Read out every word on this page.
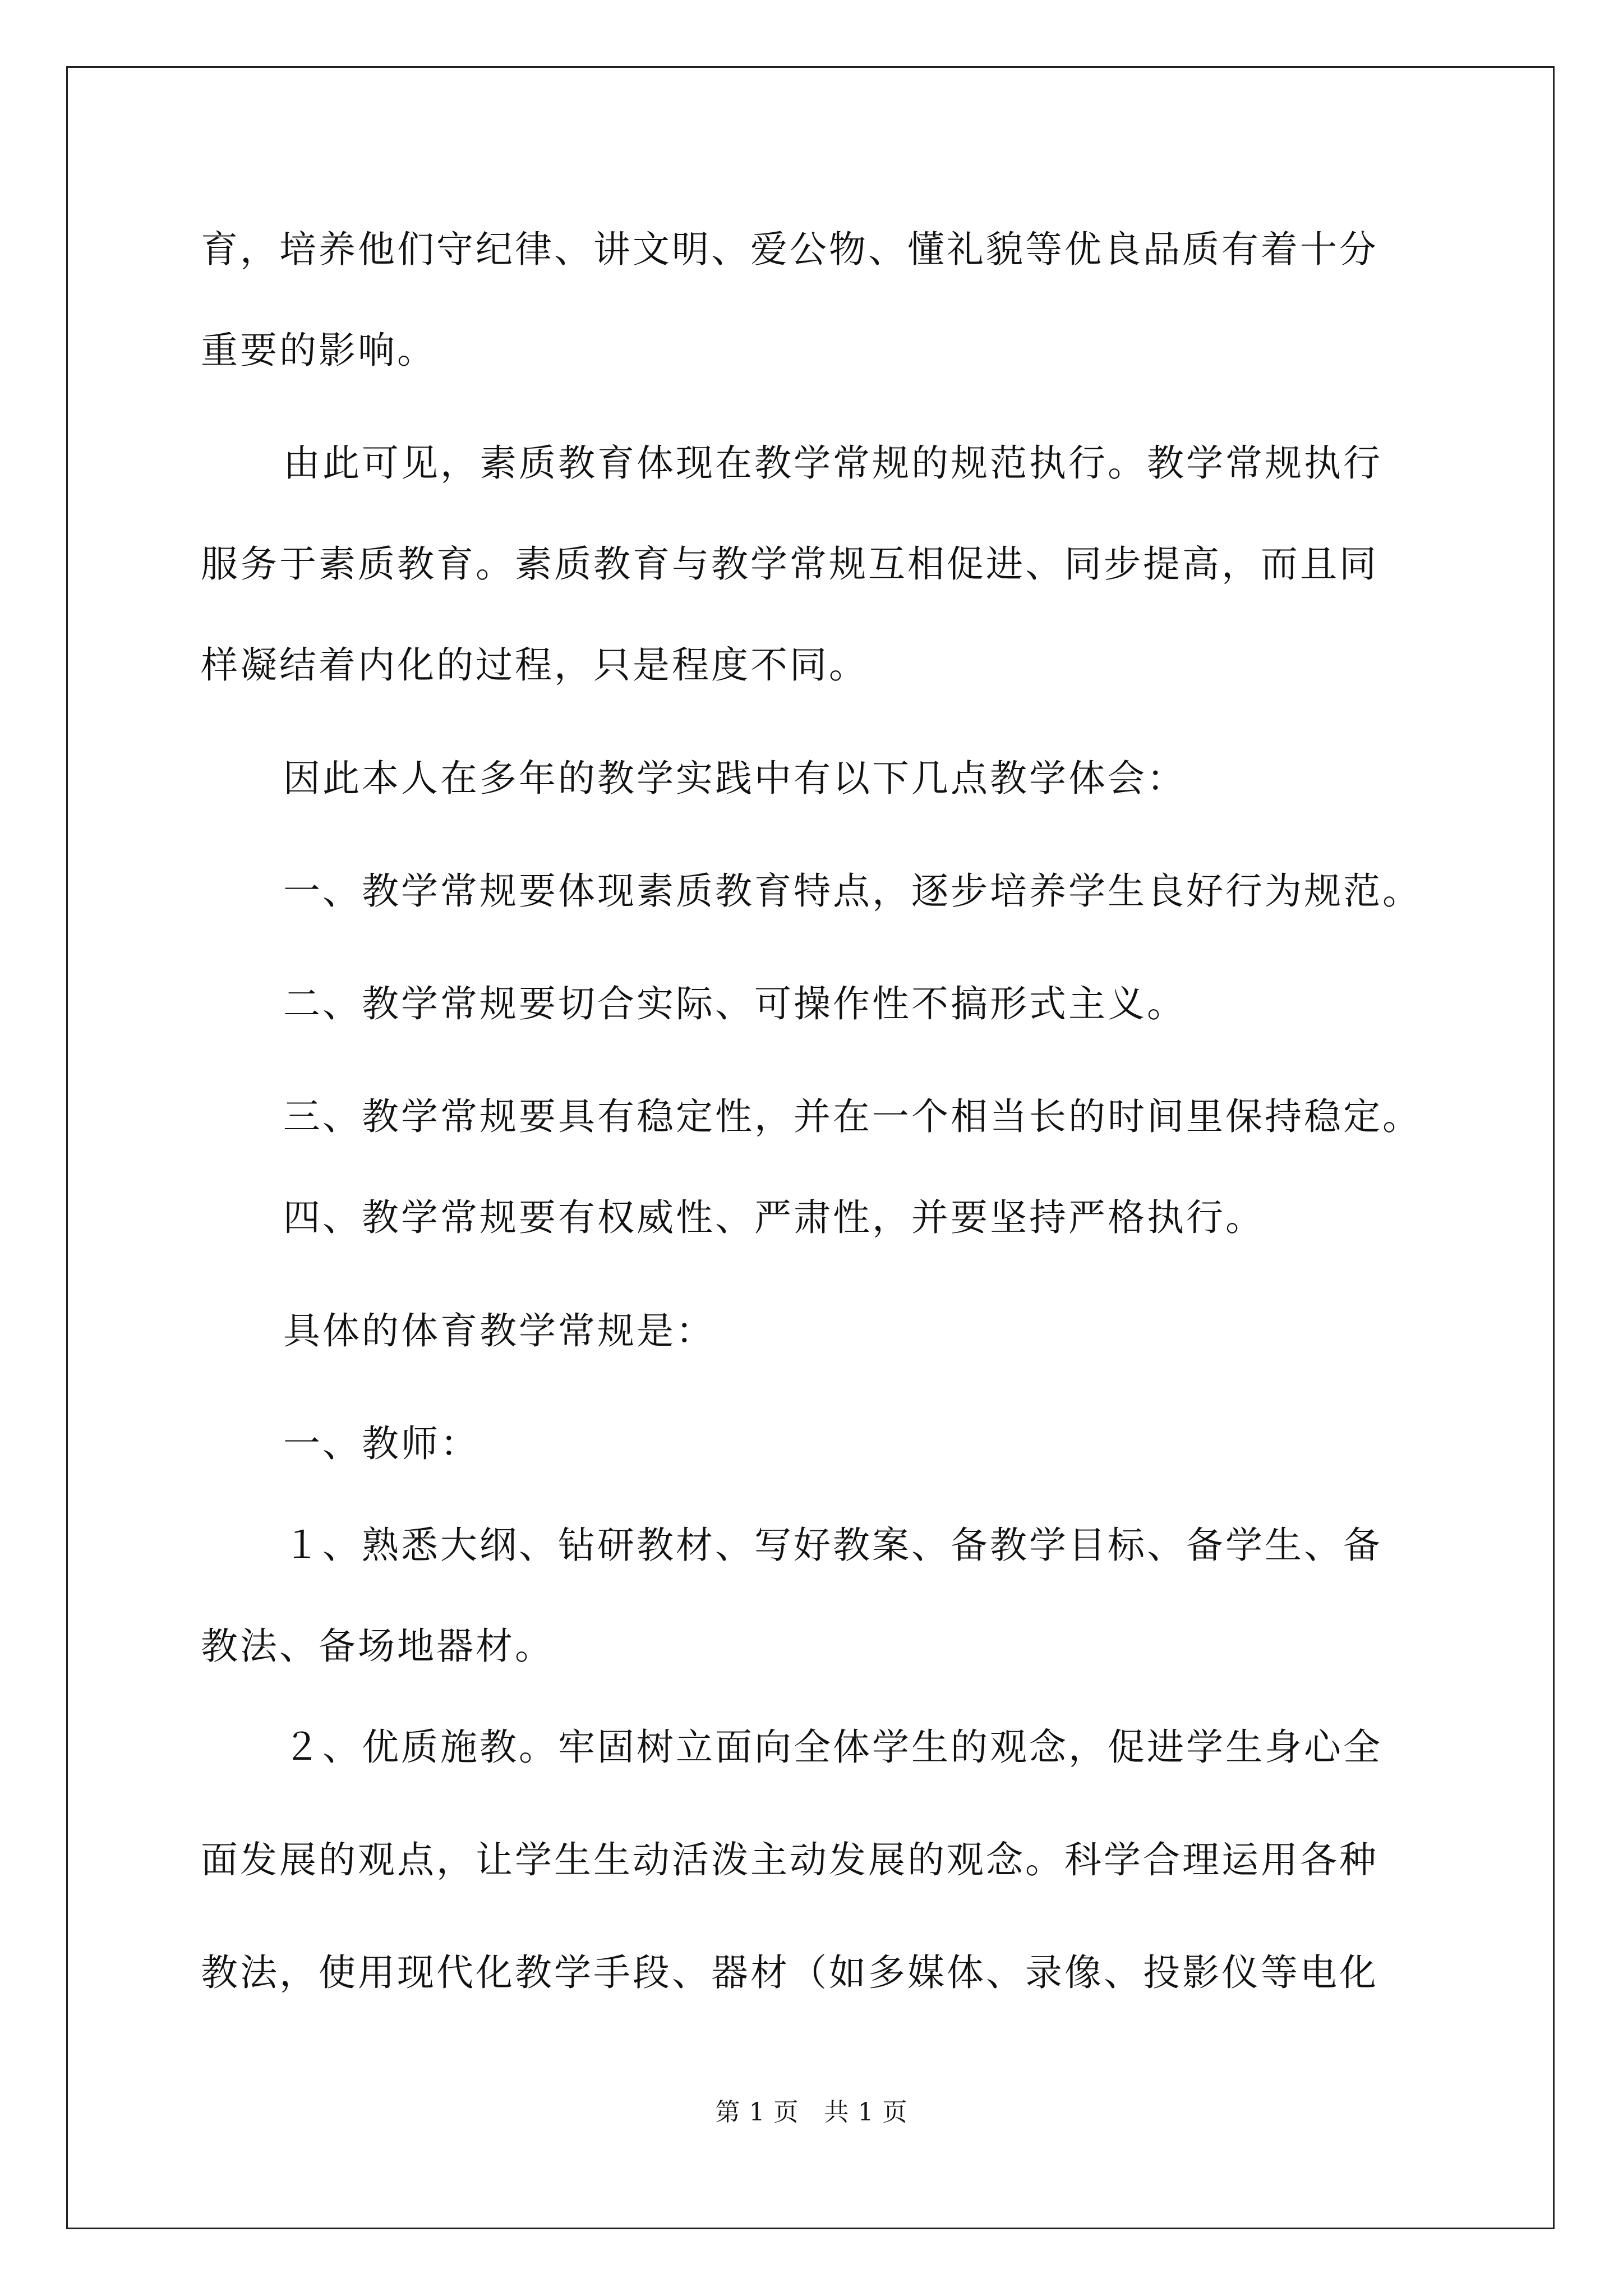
育，培养他们守纪律、讲文明、爱公物、懂礼貌等优良品质有着十分
重要的影响。
由此可见，素质教育体现在教学常规的规范执行。教学常规执行
服务于素质教育。素质教育与教学常规互相促进、同步提高，而且同
样凝结着内化的过程，只是程度不同。
因此本人在多年的教学实践中有以下几点教学体会：
一、教学常规要体现素质教育特点，逐步培养学生良好行为规范。
二、教学常规要切合实际、可操作性不搞形式主义。
三、教学常规要具有稳定性，并在一个相当长的时间里保持稳定。
四、教学常规要有权威性、严肃性，并要坚持严格执行。
具体的体育教学常规是：
一、教师：
１、熟悉大纲、钻研教材、写好教案、备教学目标、备学生、备
教法、备场地器材。
２、优质施教。牢固树立面向全体学生的观念，促进学生身心全
面发展的观点，让学生生动活泼主动发展的观念。科学合理运用各种
教法，使用现代化教学手段、器材（如多媒体、录像、投影仪等电化
第 1 页　共 1 页
